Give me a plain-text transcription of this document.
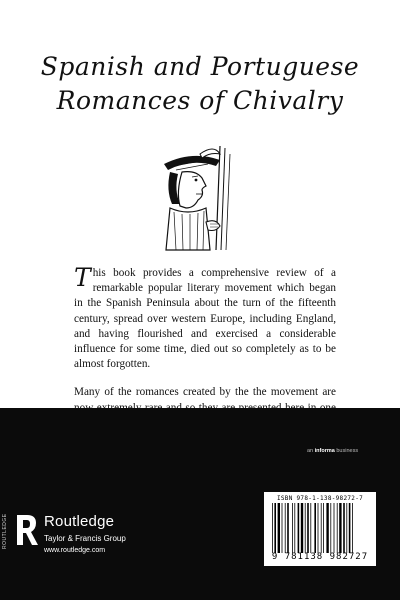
Spanish and Portuguese
Romances of Chivalry

This book provides a comprehensive review of a remarkable popular literary movement which began in the Spanish Peninsula about the turn of the fifteenth century, spread over western Europe, including England, and having flourished and exercised a considerable influence for some time, died out so completely as to be almost forgotten.

Many of the romances created by the the movement are

an informa business
ROUTLEDGE Routledge
Taylor & Francis Group
www.routledge.com
ISBN 978-1-138-98272-7
9 781138 982727
